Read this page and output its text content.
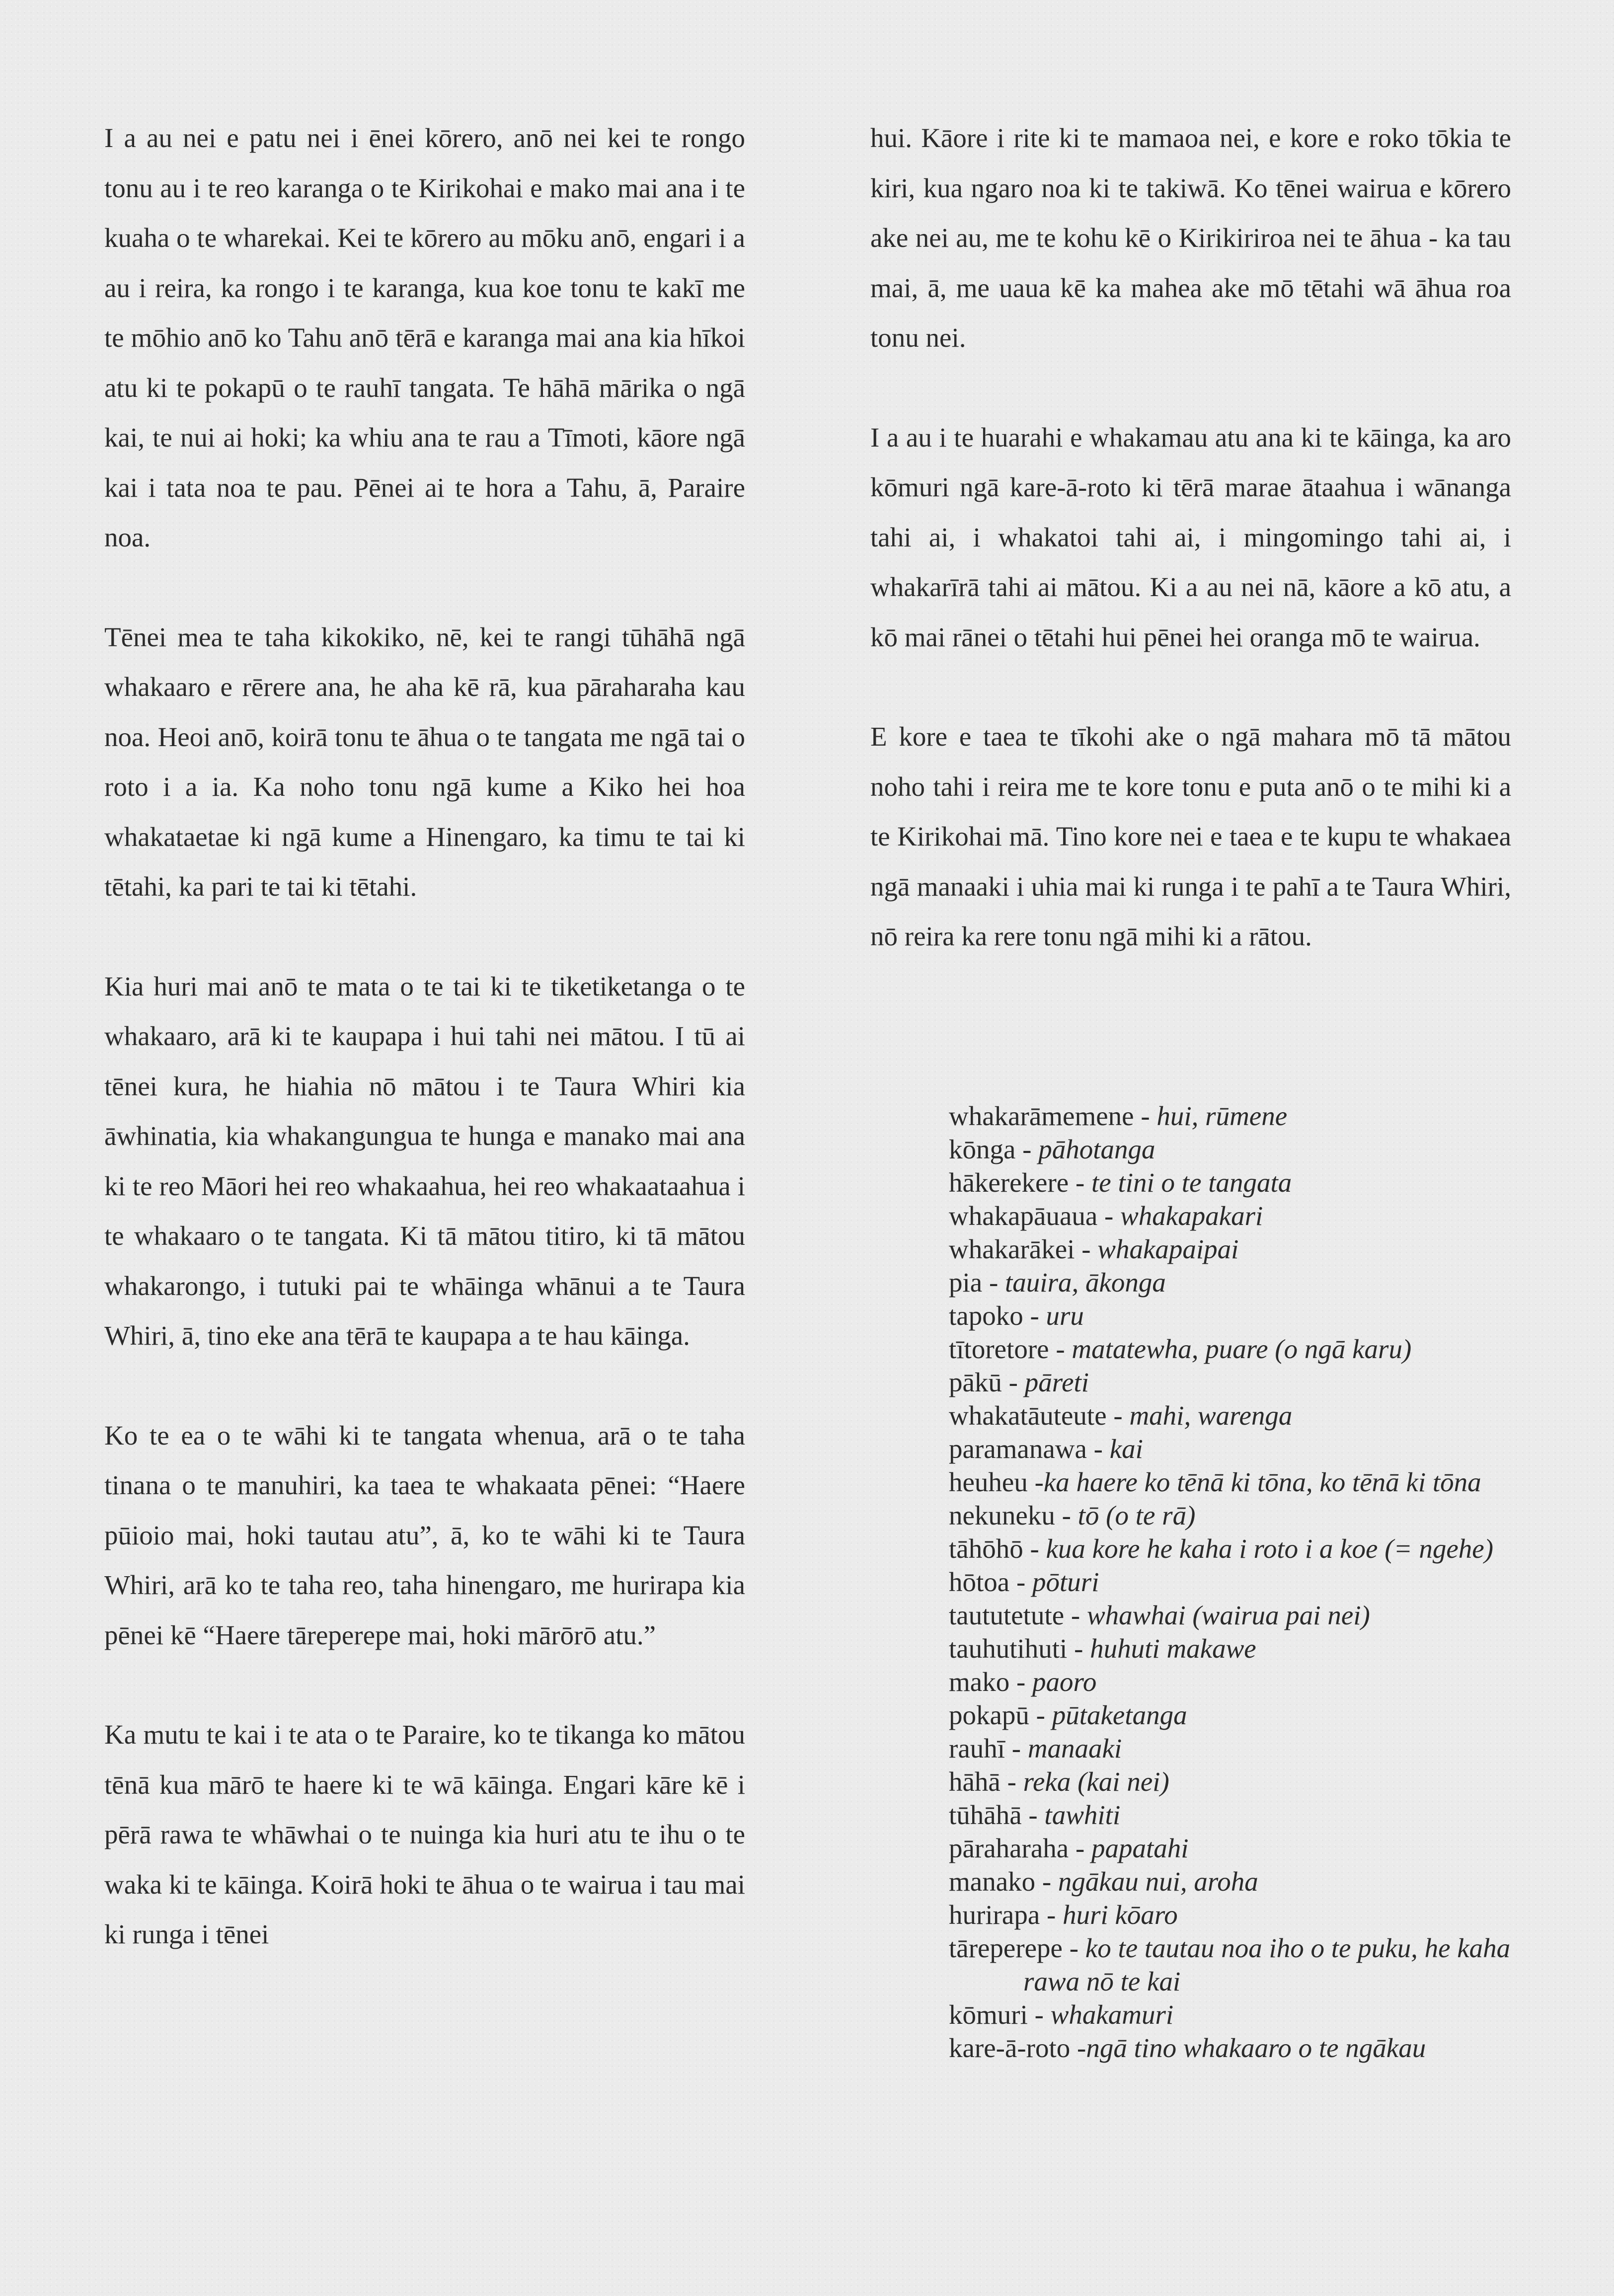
I a au nei e patu nei i ēnei kōrero, anō nei kei te rongo tonu au i te reo karanga o te Kirikohai e mako mai ana i te kuaha o te wharekai. Kei te kōrero au mōku anō, engari i a au i reira, ka rongo i te karanga, kua koe tonu te kakī me te mōhio anō ko Tahu anō tērā e karanga mai ana kia hīkoi atu ki te pokapū o te rauhī tangata. Te hāhā mārika o ngā kai, te nui ai hoki; ka whiu ana te rau a Tīmoti, kāore ngā kai i tata noa te pau. Pēnei ai te hora a Tahu, ā, Paraire noa.

Tēnei mea te taha kikokiko, nē, kei te rangi tūhāhā ngā whakaaro e rērere ana, he aha kē rā, kua pāraharaha kau noa. Heoi anō, koirā tonu te āhua o te tangata me ngā tai o roto i a ia. Ka noho tonu ngā kume a Kiko hei hoa whakataetae ki ngā kume a Hinengaro, ka timu te tai ki tētahi, ka pari te tai ki tētahi.

Kia huri mai anō te mata o te tai ki te tiketiketanga o te whakaaro, arā ki te kaupapa i hui tahi nei mātou. I tū ai tēnei kura, he hiahia nō mātou i te Taura Whiri kia āwhinatia, kia whakangungua te hunga e manako mai ana ki te reo Māori hei reo whakaahua, hei reo whakaataahua i te whakaaro o te tangata. Ki tā mātou titiro, ki tā mātou whakarongo, i tutuki pai te whāinga whānui a te Taura Whiri, ā, tino eke ana tērā te kaupapa a te hau kāinga.

Ko te ea o te wāhi ki te tangata whenua, arā o te taha tinana o te manuhiri, ka taea te whakaata pēnei: “Haere pūioio mai, hoki tautau atu”, ā, ko te wāhi ki te Taura Whiri, arā ko te taha reo, taha hinengaro, me hurirapa kia pēnei kē “Haere tāreperepe mai, hoki mārōrō atu.”

Ka mutu te kai i te ata o te Paraire, ko te tikanga ko mātou tēnā kua mārō te haere ki te wā kāinga. Engari kāre kē i pērā rawa te whāwhai o te nuinga kia huri atu te ihu o te waka ki te kāinga. Koirā hoki te āhua o te wairua i tau mai ki runga i tēnei

hui. Kāore i rite ki te mamaoa nei, e kore e roko tōkia te kiri, kua ngaro noa ki te takiwā. Ko tēnei wairua e kōrero ake nei au, me te kohu kē o Kirikiriroa nei te āhua - ka tau mai, ā, me uaua kē ka mahea ake mō tētahi wā āhua roa tonu nei.

I a au i te huarahi e whakamau atu ana ki te kāinga, ka aro kōmuri ngā kare-ā-roto ki tērā marae ātaahua i wānanga tahi ai, i whakatoi tahi ai, i mingomingo tahi ai, i whakarīrā tahi ai mātou. Ki a au nei nā, kāore a kō atu, a kō mai rānei o tētahi hui pēnei hei oranga mō te wairua.

E kore e taea te tīkohi ake o ngā mahara mō tā mātou noho tahi i reira me te kore tonu e puta anō o te mihi ki a te Kirikohai mā. Tino kore nei e taea e te kupu te whakaea ngā manaaki i uhia mai ki runga i te pahī a te Taura Whiri, nō reira ka rere tonu ngā mihi ki a rātou.

whakarāmemene - hui, rūmene
kōnga - pāhotanga
hākerekere - te tini o te tangata
whakapāuaua - whakapakari
whakarākei - whakapaipai
pia - tauira, ākonga
tapoko - uru
tītoretore - matatewha, puare (o ngā karu)
pākū - pāreti
whakatāuteute - mahi, warenga
paramanawa - kai
heuheu -ka haere ko tēnā ki tōna, ko tēnā ki tōna
nekuneku - tō (o te rā)
tāhōhō - kua kore he kaha i roto i a koe (= ngehe)
hōtoa - pōturi
taututetute - whawhai (wairua pai nei)
tauhutihuti - huhuti makawe
mako - paoro
pokapū - pūtaketanga
rauhī - manaaki
hāhā - reka (kai nei)
tūhāhā - tawhiti
pāraharaha - papatahi
manako - ngākau nui, aroha
hurirapa - huri kōaro
tāreperepe - ko te tautau noa iho o te puku, he kaha rawa nō te kai
kōmuri - whakamuri
kare-ā-roto -ngā tino whakaaro o te ngākau
